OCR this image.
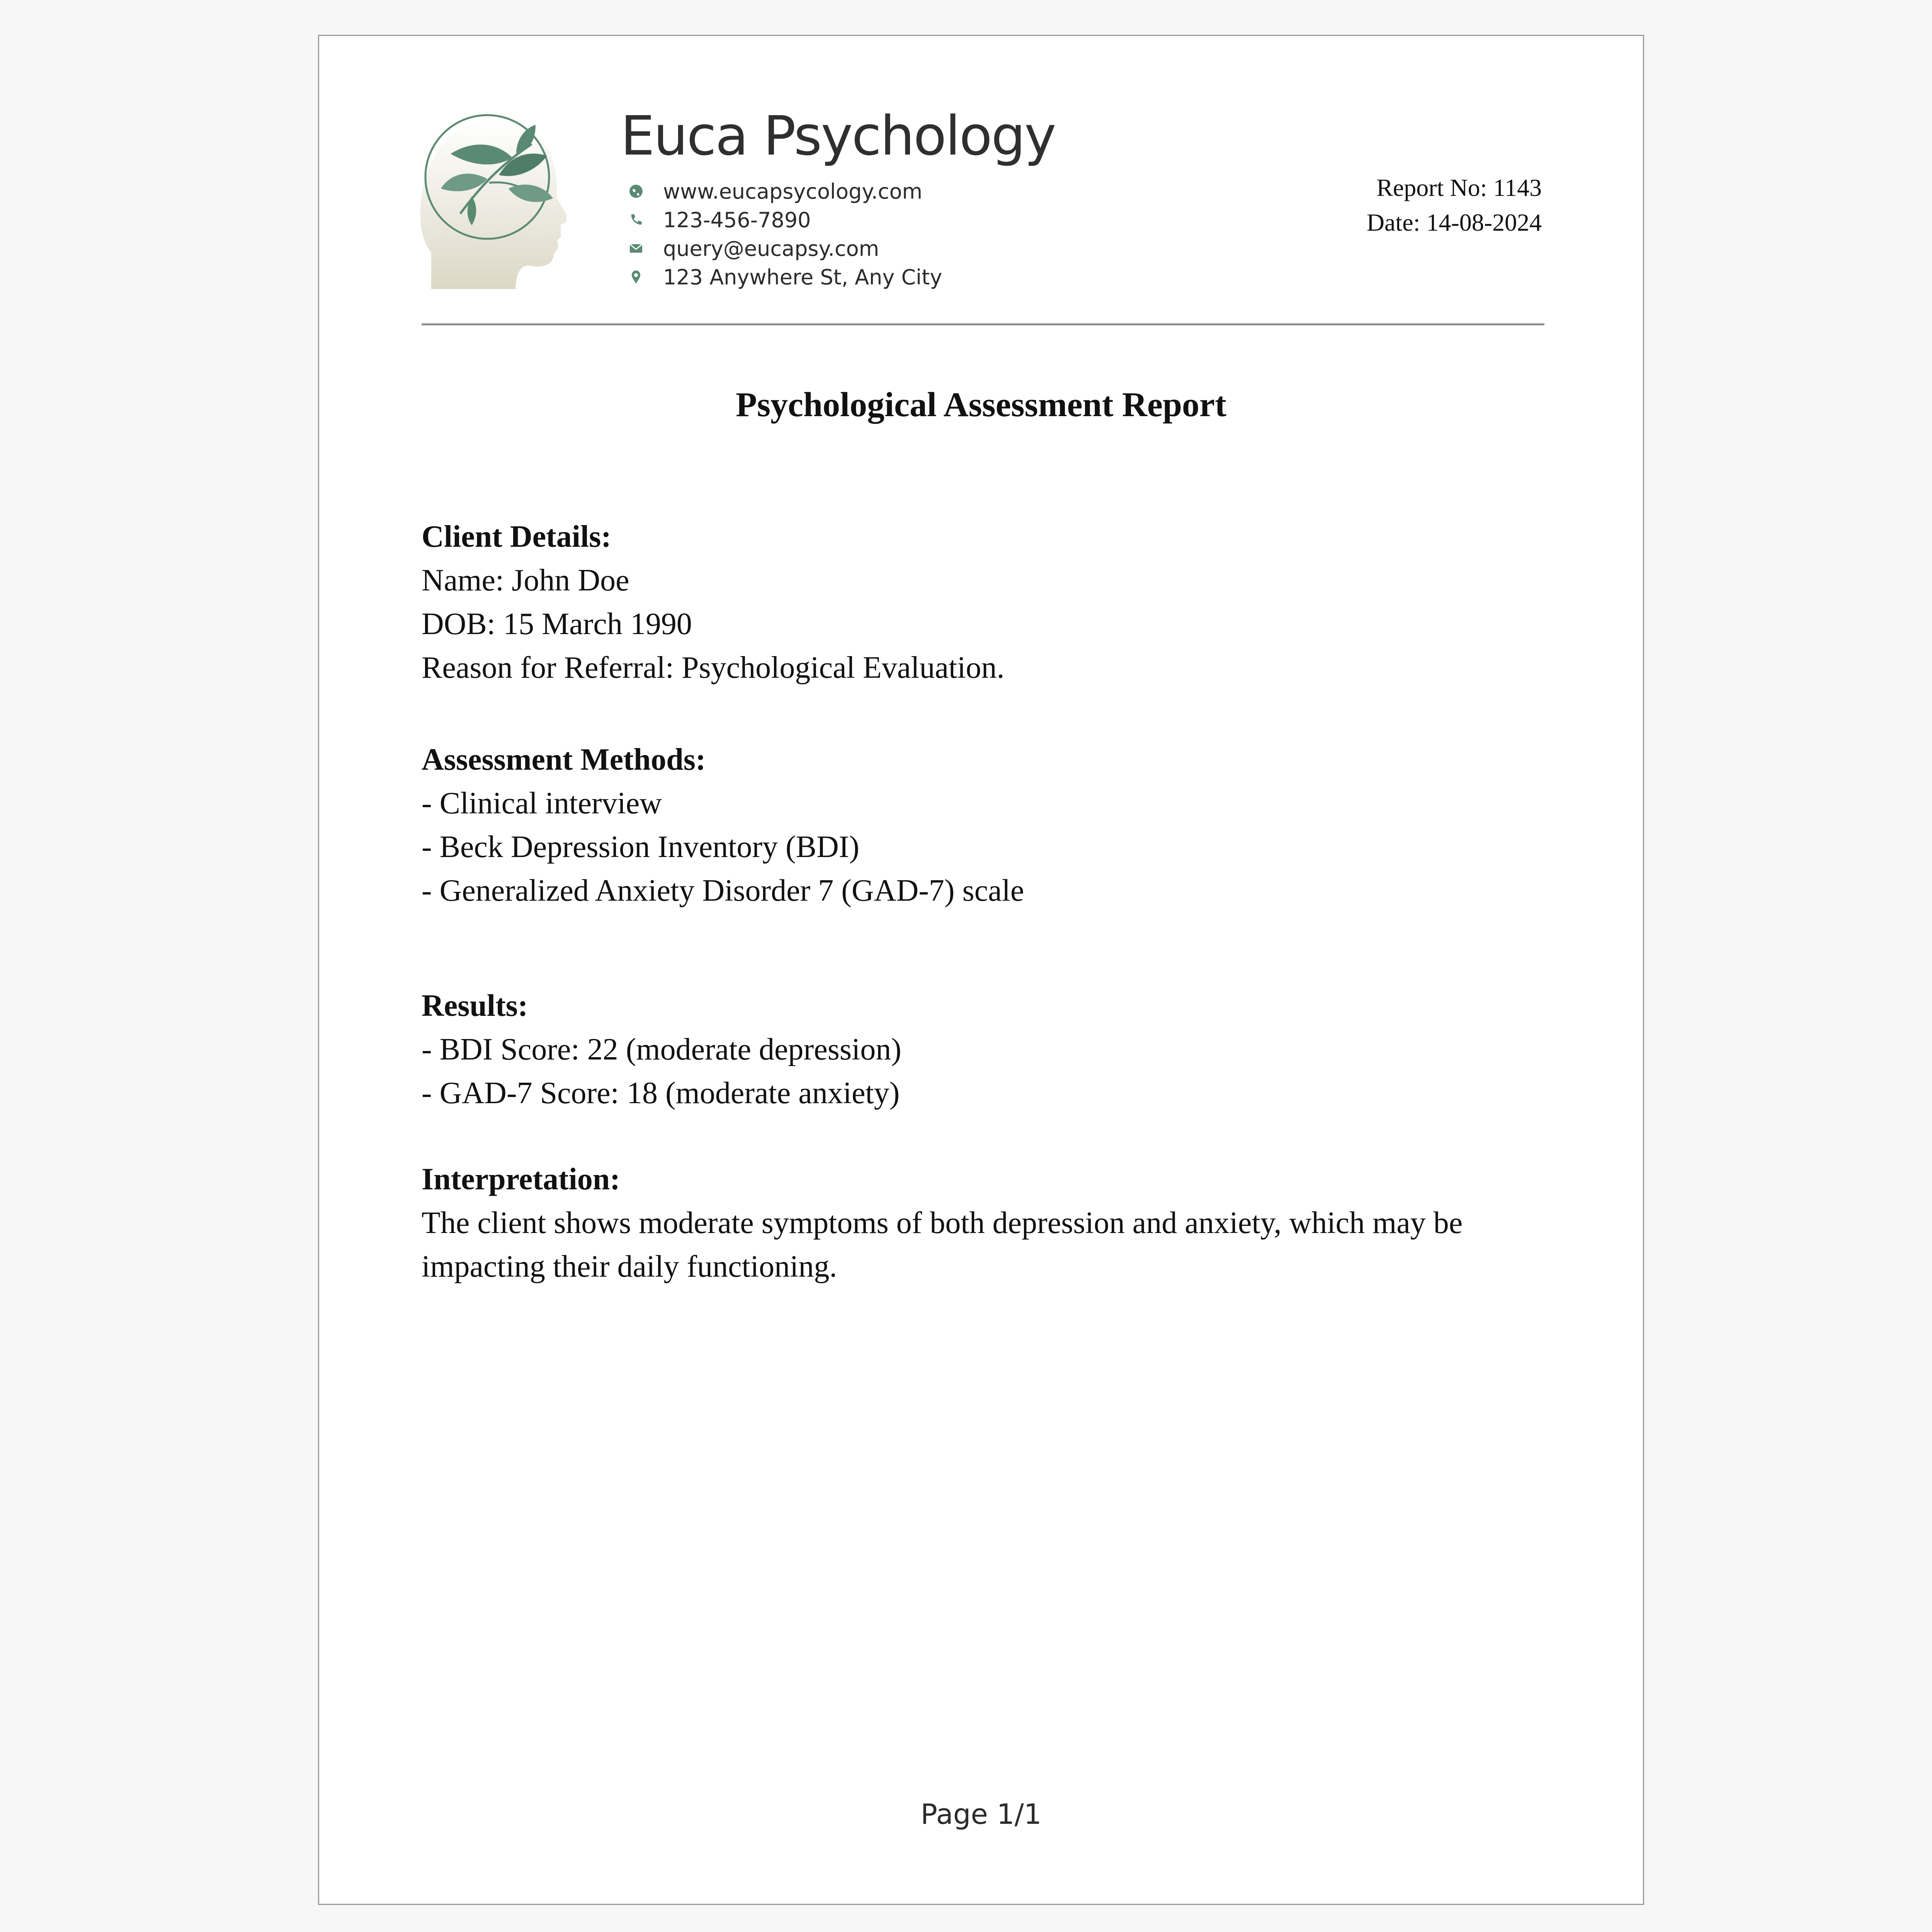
Euca Psychology
www.eucapsycology.com
123-456-7890
query@eucapsy.com
123 Anywhere St, Any City
Report No: 1143
Date: 14-08-2024
Psychological Assessment Report
Client Details:
Name: John Doe
DOB: 15 March 1990
Reason for Referral: Psychological Evaluation.
Assessment Methods:
- Clinical interview
- Beck Depression Inventory (BDI)
- Generalized Anxiety Disorder 7 (GAD-7) scale
Results:
- BDI Score: 22 (moderate depression)
- GAD-7 Score: 18 (moderate anxiety)
Interpretation:
The client shows moderate symptoms of both depression and anxiety, which may be impacting their daily functioning.
Page 1/1
